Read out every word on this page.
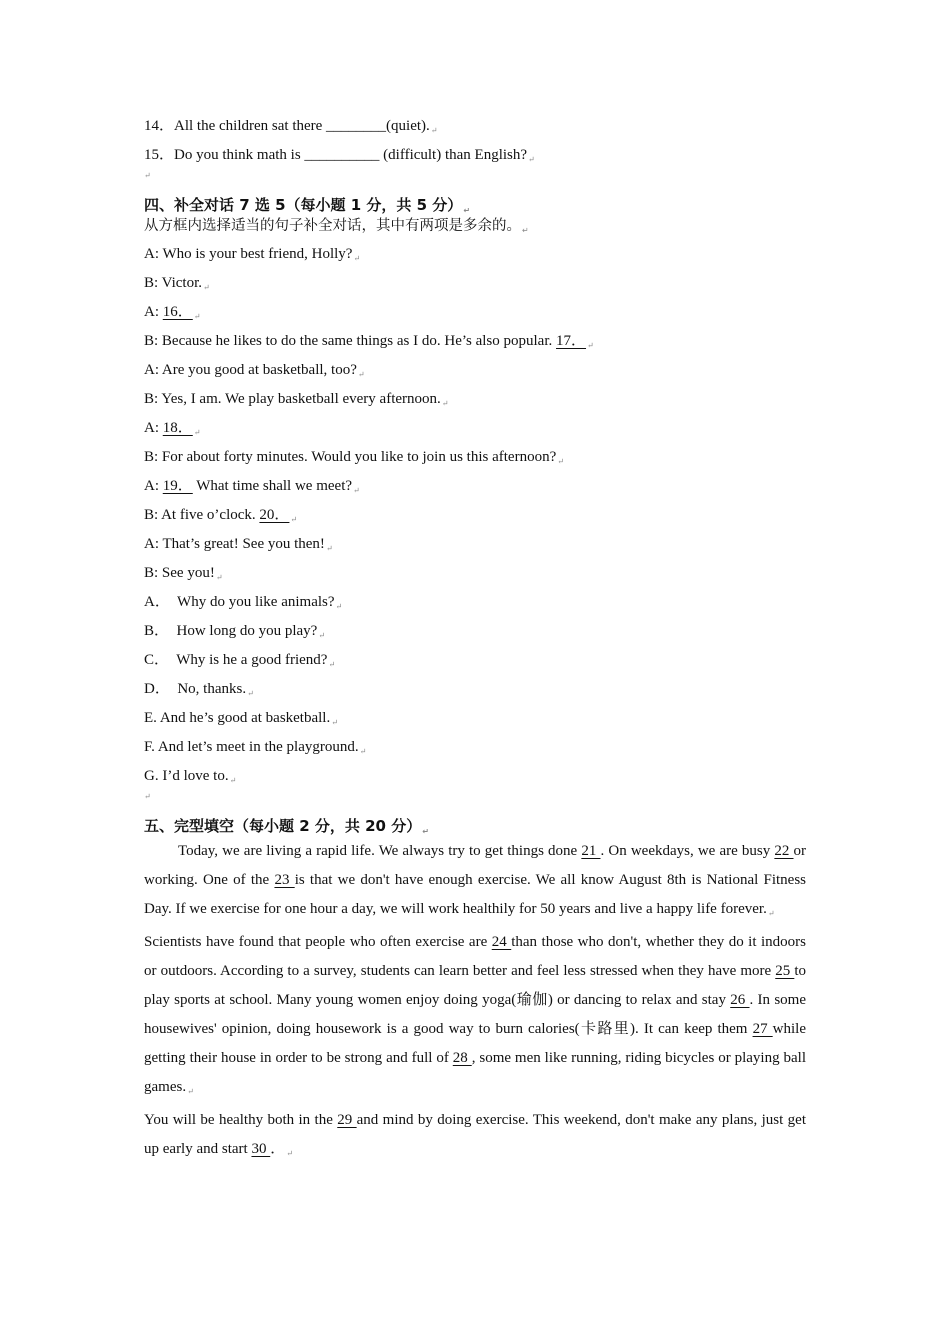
14．All the children sat there $\_\_\_\_\_\_\_\_(quiet)._↵$
15．Do you think math is __________ (difficult) than $English?_↵$
↵
四、补全对话 7 选 5（每小题 1 分，共 5 分）$_↵$
从方框内选择适当的句子补全对话，其中有两项是多余的。$_↵$
A: Who is your best friend, $Holly?_↵$
B: $Victor._↵$
A: 16．$_↵$
B: Because he likes to do the same things as I do. He’s also popular. 17．$_↵$
A: Are you good at basketball, $too?_↵$
B: Yes, I am. We play basketball every $afternoon._↵$
A: 18．$_↵$
B: For about forty minutes. Would you like to join us this $afternoon?_↵$
A: 19． What time shall we $meet?_↵$
B: At five o’clock. 20．$_↵$
A: That’s great! See you $then!_↵$
B: See $you!_↵$
A．  Why do you like $animals?_↵$
B．  How long do you $play?_↵$
C．  Why is he a good $friend?_↵$
D．  No, $thanks._↵$
E. And he’s good at $basketball._↵$
F. And let’s meet in the $playground._↵$
G. I’d love $to._↵$
↵
五、完型填空（每小题 2 分，共 20 分）$_↵$
Today, we are living a rapid life. We always try to get things done 21 . On weekdays, we are busy 22 or working. One of the 23 is that we don't have enough exercise. We all know August 8th is National Fitness Day. If we exercise for one hour a day, we will work healthily for 50 years and live a happy life $forever._↵$
Scientists have found that people who often exercise are 24 than those who don't, whether they do it indoors or outdoors. According to a survey, students can learn better and feel less stressed when they have more 25 to play sports at school. Many young women enjoy doing yoga(瑜伽) or dancing to relax and stay 26 . In some housewives' opinion, doing housework is a good way to burn calories(卡路里). It can keep them 27 while getting their house in order to be strong and full of 28 , some men like running, riding bicycles or playing ball $games._↵$
You will be healthy both in the 29 and mind by doing exercise. This weekend, don't make any plans, just get up early and start 30 ．$_↵$
